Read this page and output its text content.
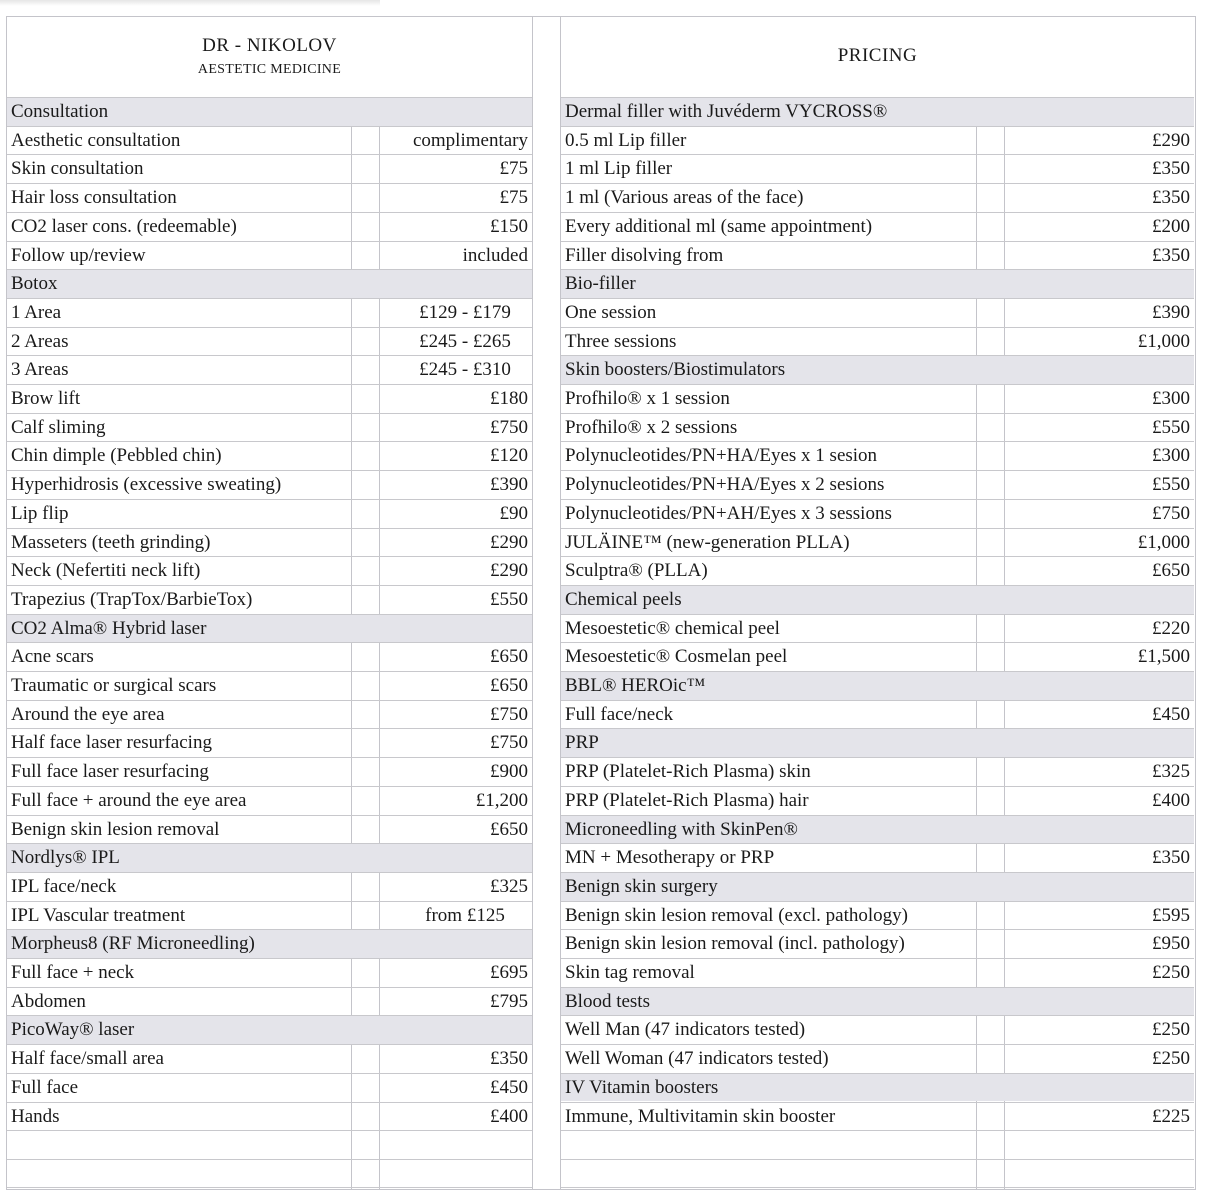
DR - NIKOLOV
AESTETIC MEDICINE
PRICING
Consultation
Aesthetic consultation	complimentary
Skin consultation	£75
Hair loss consultation	£75
CO2 laser cons. (redeemable)	£150
Follow up/review	included
Botox
1 Area	£129 - £179
2 Areas	£245 - £265
3 Areas	£245 - £310
Brow lift	£180
Calf sliming	£750
Chin dimple (Pebbled chin)	£120
Hyperhidrosis (excessive sweating)	£390
Lip flip	£90
Masseters (teeth grinding)	£290
Neck (Nefertiti neck lift)	£290
Trapezius (TrapTox/BarbieTox)	£550
CO2 Alma® Hybrid laser
Acne scars	£650
Traumatic or surgical scars	£650
Around the eye area	£750
Half face laser resurfacing	£750
Full face laser resurfacing	£900
Full face + around the eye area	£1,200
Benign skin lesion removal	£650
Nordlys® IPL
IPL face/neck	£325
IPL Vascular treatment	from £125
Morpheus8 (RF Microneedling)
Full face + neck	£695
Abdomen	£795
PicoWay® laser
Half face/small area	£350
Full face	£450
Hands	£400
Dermal filler with Juvéderm VYCROSS®
0.5 ml Lip filler	£290
1 ml Lip filler	£350
1 ml (Various areas of the face)	£350
Every additional ml (same appointment)	£200
Filler disolving from	£350
Bio-filler
One session	£390
Three sessions	£1,000
Skin boosters/Biostimulators
Profhilo® x 1 session	£300
Profhilo® x 2 sessions	£550
Polynucleotides/PN+HA/Eyes x 1 sesion	£300
Polynucleotides/PN+HA/Eyes x 2 sesions	£550
Polynucleotides/PN+AH/Eyes x 3 sessions	£750
JULÄINE™ (new-generation PLLA)	£1,000
Sculptra® (PLLA)	£650
Chemical peels
Mesoestetic® chemical peel	£220
Mesoestetic® Cosmelan peel	£1,500
BBL® HEROic™
Full face/neck	£450
PRP
PRP (Platelet-Rich Plasma) skin	£325
PRP (Platelet-Rich Plasma) hair	£400
Microneedling with SkinPen®
MN + Mesotherapy or PRP	£350
Benign skin surgery
Benign skin lesion removal (excl. pathology)	£595
Benign skin lesion removal (incl. pathology)	£950
Skin tag removal	£250
Blood tests
Well Man (47 indicators tested)	£250
Well Woman (47 indicators tested)	£250
IV Vitamin boosters
Immune, Multivitamin skin booster	£225
